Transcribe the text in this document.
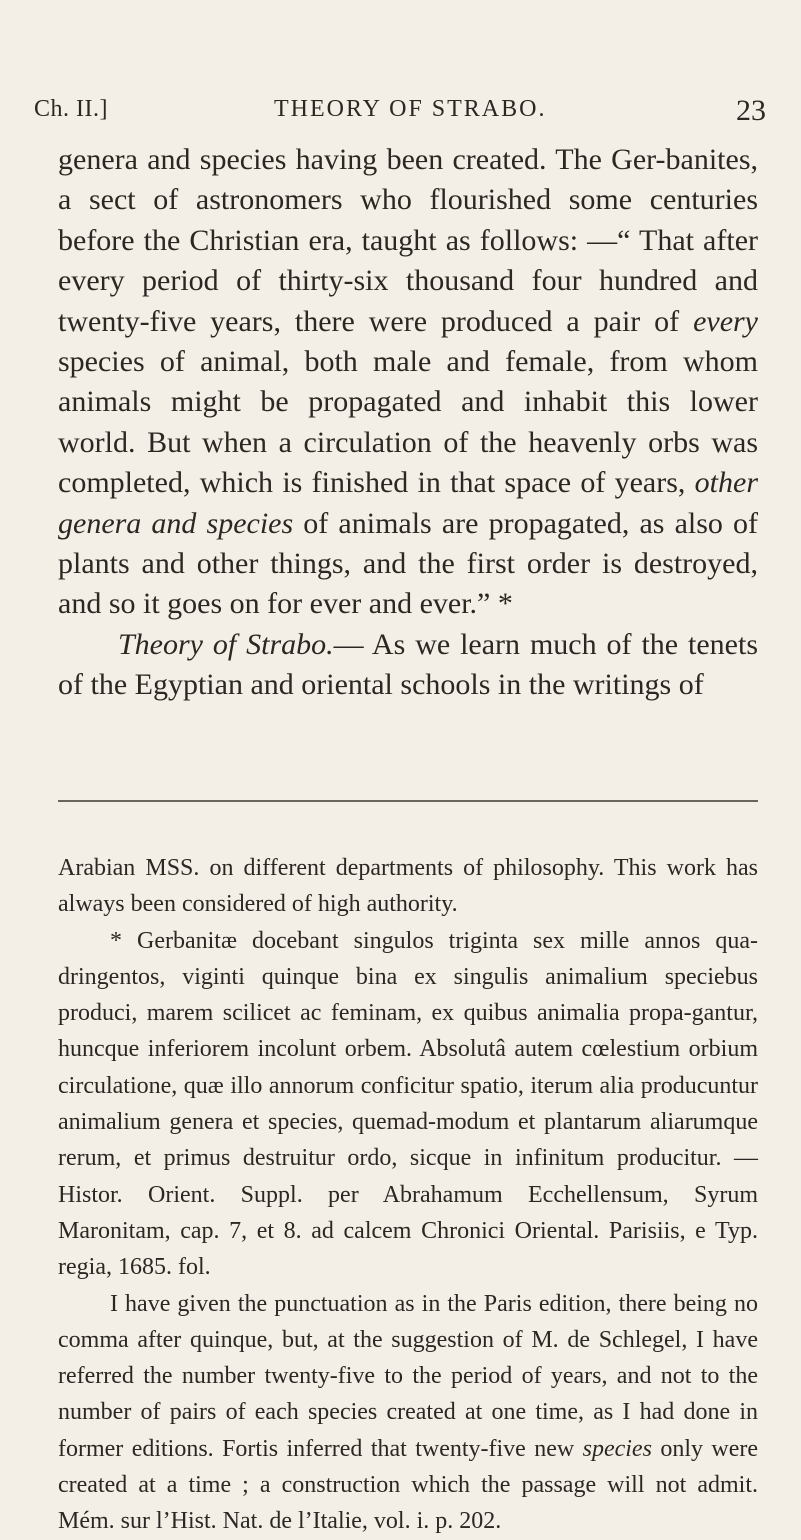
Ch. II.]	THEORY OF STRABO.	23

genera and species having been created. The Ger-banites, a sect of astronomers who flourished some centuries before the Christian era, taught as follows: —“ That after every period of thirty-six thousand four hundred and twenty-five years, there were produced a pair of every species of animal, both male and female, from whom animals might be propagated and inhabit this lower world. But when a circulation of the heavenly orbs was completed, which is finished in that space of years, other genera and species of animals are propagated, as also of plants and other things, and the first order is destroyed, and so it goes on for ever and ever.” *

Theory of Strabo.— As we learn much of the tenets of the Egyptian and oriental schools in the writings of

Arabian MSS. on different departments of philosophy. This work has always been considered of high authority.

* Gerbanitæ docebant singulos triginta sex mille annos qua-dringentos, viginti quinque bina ex singulis animalium speciebus produci, marem scilicet ac feminam, ex quibus animalia propa-gantur, huncque inferiorem incolunt orbem. Absolutâ autem cœlestium orbium circulatione, quæ illo annorum conficitur spatio, iterum alia producuntur animalium genera et species, quemad-modum et plantarum aliarumque rerum, et primus destruitur ordo, sicque in infinitum producitur. — Histor. Orient. Suppl. per Abrahamum Ecchellensum, Syrum Maronitam, cap. 7, et 8. ad calcem Chronici Oriental. Parisiis, e Typ. regia, 1685. fol.

I have given the punctuation as in the Paris edition, there being no comma after quinque, but, at the suggestion of M. de Schlegel, I have referred the number twenty-five to the period of years, and not to the number of pairs of each species created at one time, as I had done in former editions. Fortis inferred that twenty-five new species only were created at a time ; a construction which the passage will not admit. Mém. sur l’Hist. Nat. de l’Italie, vol. i. p. 202.
